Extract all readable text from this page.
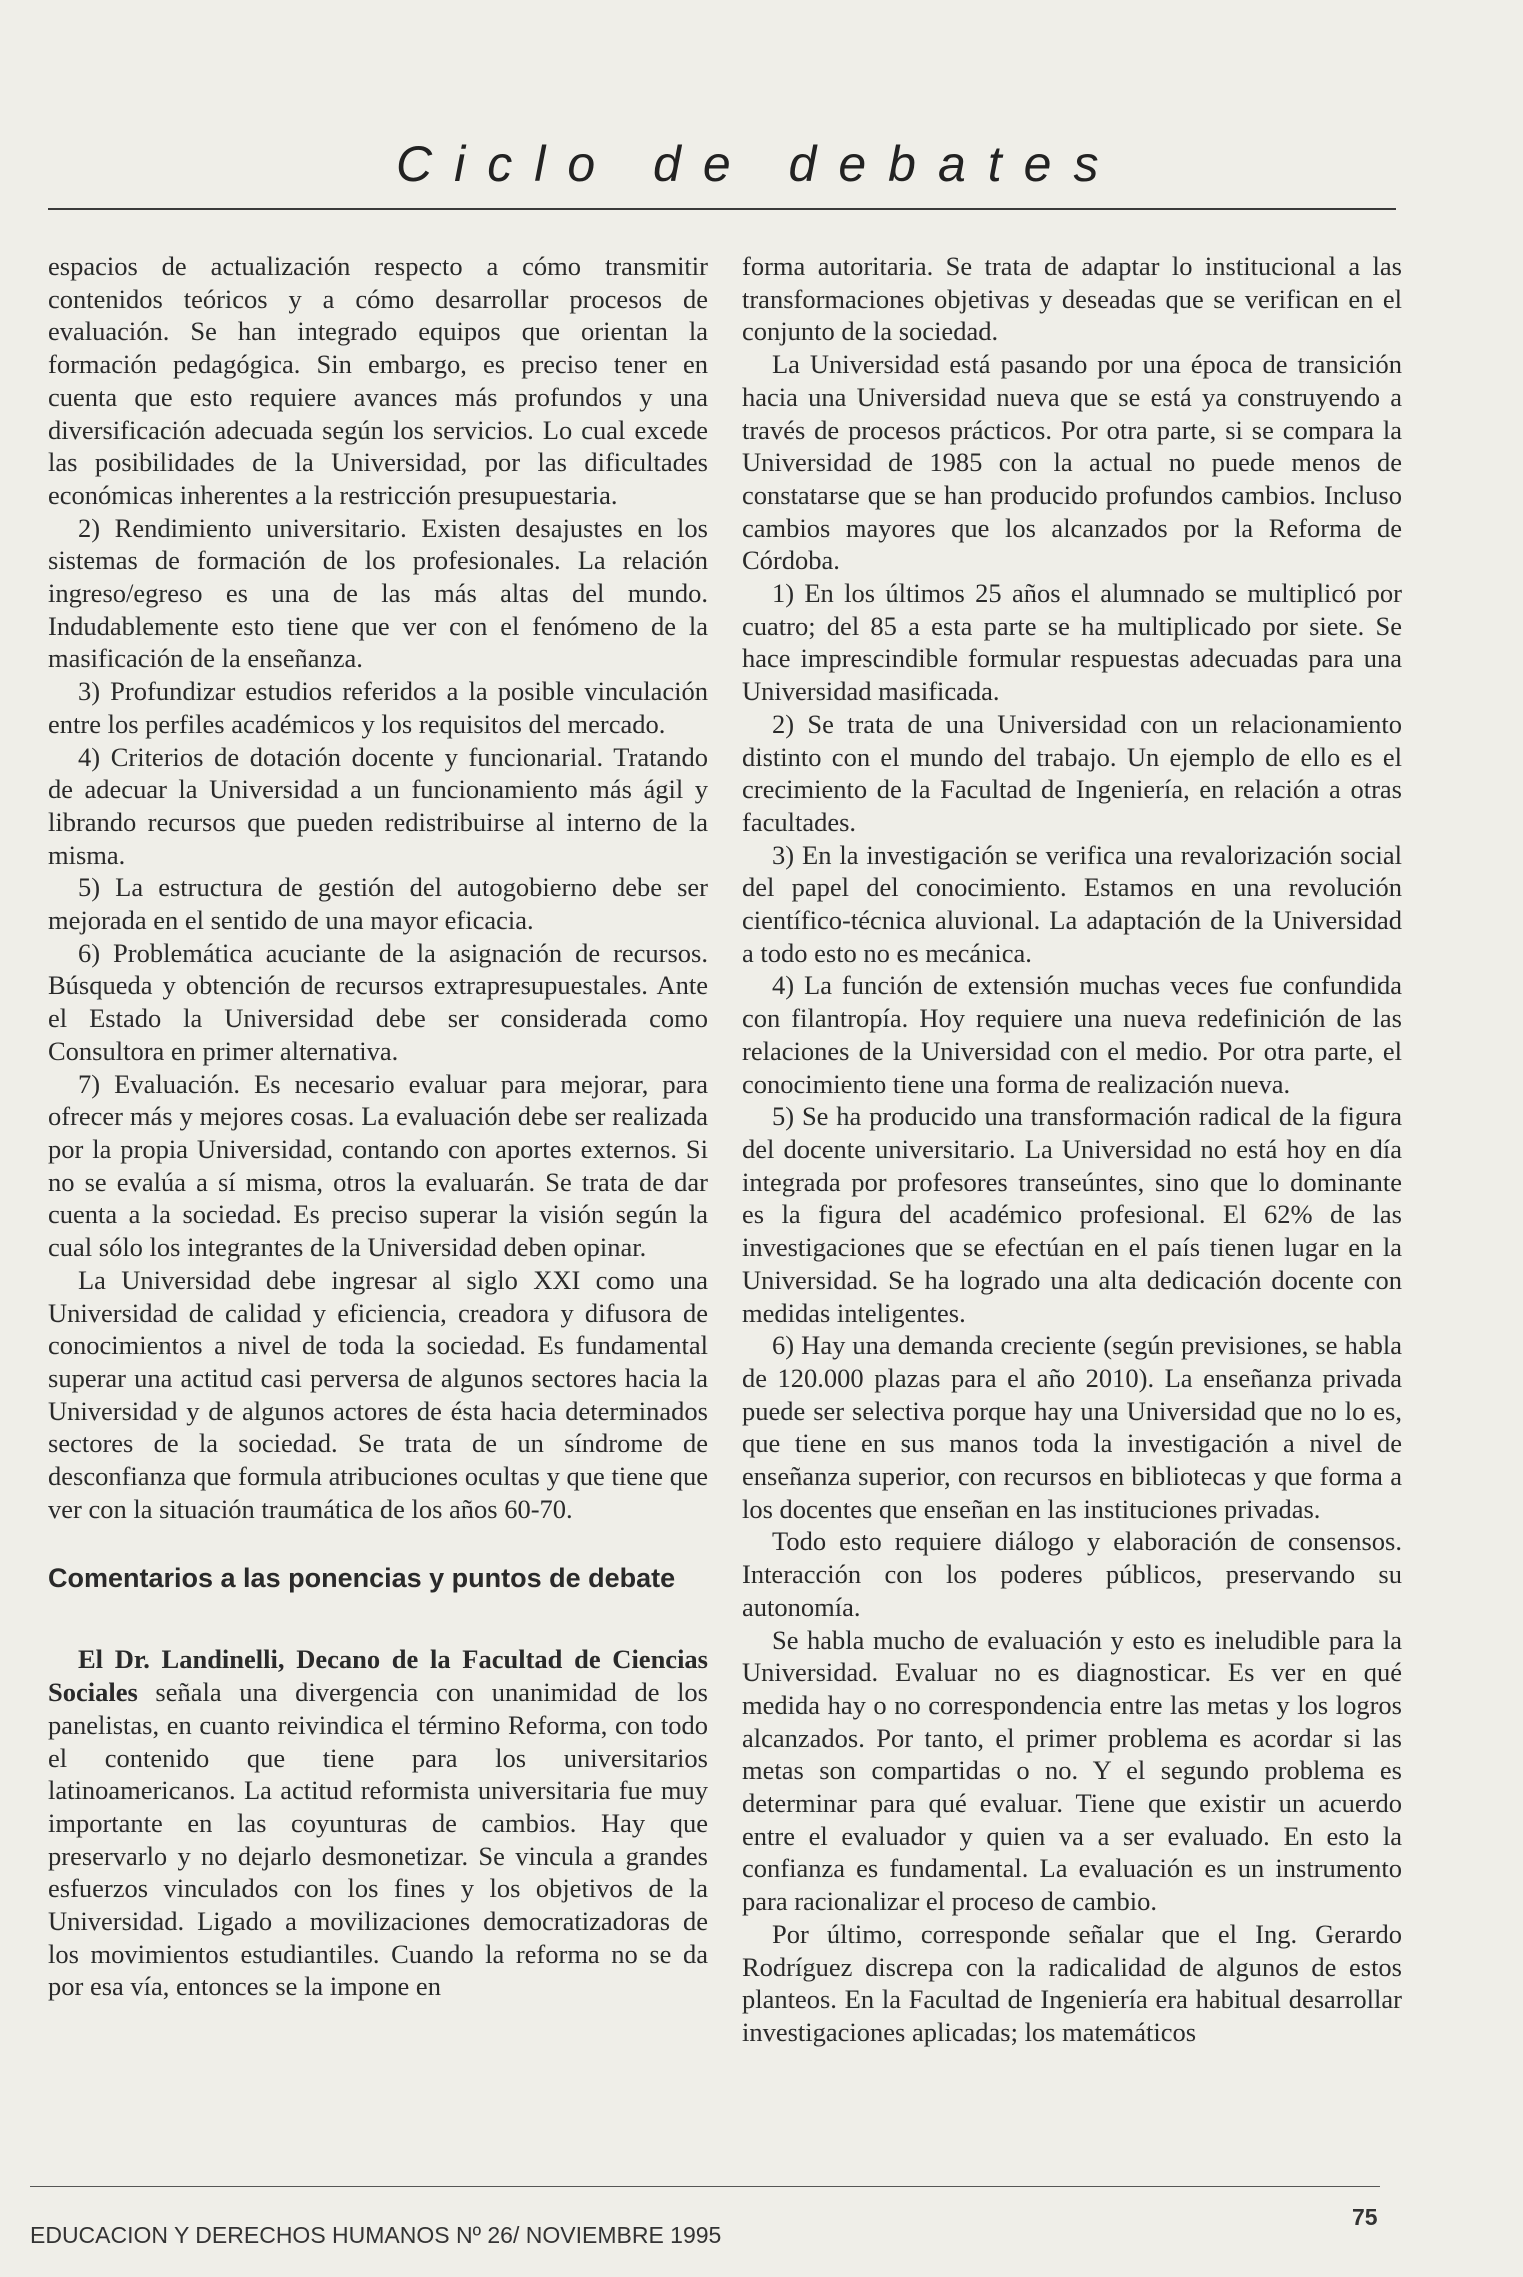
Ciclo de debates

espacios de actualización respecto a cómo transmitir contenidos teóricos y a cómo desarrollar procesos de evaluación. Se han integrado equipos que orientan la formación pedagógica. Sin embargo, es preciso tener en cuenta que esto requiere avances más profundos y una diversificación adecuada según los servicios. Lo cual excede las posibilidades de la Universidad, por las dificultades económicas inherentes a la restricción presupuestaria.

2) Rendimiento universitario. Existen desajustes en los sistemas de formación de los profesionales. La relación ingreso/egreso es una de las más altas del mundo. Indudablemente esto tiene que ver con el fenómeno de la masificación de la enseñanza.

3) Profundizar estudios referidos a la posible vinculación entre los perfiles académicos y los requisitos del mercado.

4) Criterios de dotación docente y funcionarial. Tratando de adecuar la Universidad a un funcionamiento más ágil y librando recursos que pueden redistribuirse al interno de la misma.

5) La estructura de gestión del autogobierno debe ser mejorada en el sentido de una mayor eficacia.

6) Problemática acuciante de la asignación de recursos. Búsqueda y obtención de recursos extrapresupuestales. Ante el Estado la Universidad debe ser considerada como Consultora en primer alternativa.

7) Evaluación. Es necesario evaluar para mejorar, para ofrecer más y mejores cosas. La evaluación debe ser realizada por la propia Universidad, contando con aportes externos. Si no se evalúa a sí misma, otros la evaluarán. Se trata de dar cuenta a la sociedad. Es preciso superar la visión según la cual sólo los integrantes de la Universidad deben opinar.

La Universidad debe ingresar al siglo XXI como una Universidad de calidad y eficiencia, creadora y difusora de conocimientos a nivel de toda la sociedad. Es fundamental superar una actitud casi perversa de algunos sectores hacia la Universidad y de algunos actores de ésta hacia determinados sectores de la sociedad. Se trata de un síndrome de desconfianza que formula atribuciones ocultas y que tiene que ver con la situación traumática de los años 60-70.

Comentarios a las ponencias y puntos de debate

El Dr. Landinelli, Decano de la Facultad de Ciencias Sociales señala una divergencia con unanimidad de los panelistas, en cuanto reivindica el término Reforma, con todo el contenido que tiene para los universitarios latinoamericanos. La actitud reformista universitaria fue muy importante en las coyunturas de cambios. Hay que preservarlo y no dejarlo desmonetizar. Se vincula a grandes esfuerzos vinculados con los fines y los objetivos de la Universidad. Ligado a movilizaciones democratizadoras de los movimientos estudiantiles. Cuando la reforma no se da por esa vía, entonces se la impone en

forma autoritaria. Se trata de adaptar lo institucional a las transformaciones objetivas y deseadas que se verifican en el conjunto de la sociedad.

La Universidad está pasando por una época de transición hacia una Universidad nueva que se está ya construyendo a través de procesos prácticos. Por otra parte, si se compara la Universidad de 1985 con la actual no puede menos de constatarse que se han producido profundos cambios. Incluso cambios mayores que los alcanzados por la Reforma de Córdoba.

1) En los últimos 25 años el alumnado se multiplicó por cuatro; del 85 a esta parte se ha multiplicado por siete. Se hace imprescindible formular respuestas adecuadas para una Universidad masificada.

2) Se trata de una Universidad con un relacionamiento distinto con el mundo del trabajo. Un ejemplo de ello es el crecimiento de la Facultad de Ingeniería, en relación a otras facultades.

3) En la investigación se verifica una revalorización social del papel del conocimiento. Estamos en una revolución científico-técnica aluvional. La adaptación de la Universidad a todo esto no es mecánica.

4) La función de extensión muchas veces fue confundida con filantropía. Hoy requiere una nueva redefinición de las relaciones de la Universidad con el medio. Por otra parte, el conocimiento tiene una forma de realización nueva.

5) Se ha producido una transformación radical de la figura del docente universitario. La Universidad no está hoy en día integrada por profesores transeúntes, sino que lo dominante es la figura del académico profesional. El 62% de las investigaciones que se efectúan en el país tienen lugar en la Universidad. Se ha logrado una alta dedicación docente con medidas inteligentes.

6) Hay una demanda creciente (según previsiones, se habla de 120.000 plazas para el año 2010). La enseñanza privada puede ser selectiva porque hay una Universidad que no lo es, que tiene en sus manos toda la investigación a nivel de enseñanza superior, con recursos en bibliotecas y que forma a los docentes que enseñan en las instituciones privadas.

Todo esto requiere diálogo y elaboración de consensos. Interacción con los poderes públicos, preservando su autonomía.

Se habla mucho de evaluación y esto es ineludible para la Universidad. Evaluar no es diagnosticar. Es ver en qué medida hay o no correspondencia entre las metas y los logros alcanzados. Por tanto, el primer problema es acordar si las metas son compartidas o no. Y el segundo problema es determinar para qué evaluar. Tiene que existir un acuerdo entre el evaluador y quien va a ser evaluado. En esto la confianza es fundamental. La evaluación es un instrumento para racionalizar el proceso de cambio.

Por último, corresponde señalar que el Ing. Gerardo Rodríguez discrepa con la radicalidad de algunos de estos planteos. En la Facultad de Ingeniería era habitual desarrollar investigaciones aplicadas; los matemáticos

EDUCACION Y DERECHOS HUMANOS Nº 26/ NOVIEMBRE 1995
75
